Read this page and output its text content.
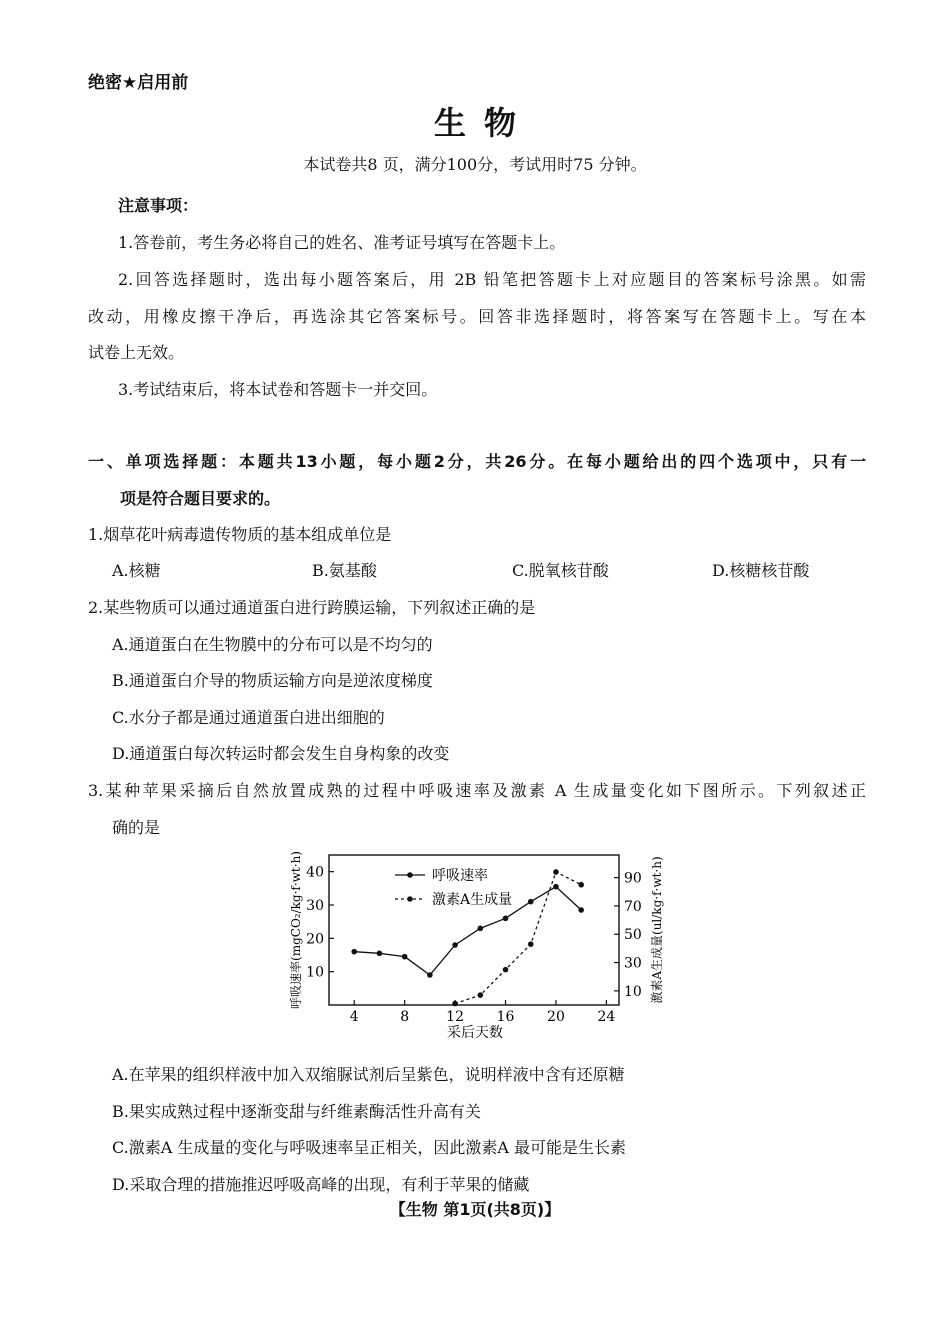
绝密★启用前
生物
本试卷共8 页，满分100分，考试用时75 分钟。
注意事项：
1.答卷前，考生务必将自己的姓名、准考证号填写在答题卡上。
2.回答选择题时，选出每小题答案后，用 2B 铅笔把答题卡上对应题目的答案标号涂黑。如需
改动，用橡皮擦干净后，再选涂其它答案标号。回答非选择题时，将答案写在答题卡上。写在本
试卷上无效。
3.考试结束后，将本试卷和答题卡一并交回。
一、单项选择题：本题共13小题，每小题2分，共26分。在每小题给出的四个选项中，只有一
项是符合题目要求的。
1.烟草花叶病毒遗传物质的基本组成单位是
A.核糖	B.氨基酸	C.脱氧核苷酸	D.核糖核苷酸
2.某些物质可以通过通道蛋白进行跨膜运输，下列叙述正确的是
A.通道蛋白在生物膜中的分布可以是不均匀的
B.通道蛋白介导的物质运输方向是逆浓度梯度
C.水分子都是通过通道蛋白进出细胞的
D.通道蛋白每次转运时都会发生自身构象的改变
3.某种苹果采摘后自然放置成熟的过程中呼吸速率及激素 A 生成量变化如下图所示。下列叙述正
确的是
4	8	12 16 20 24
10
20
30
40
10
30
50
70
90
呼吸速率
激素A生成量
采后天数
呼吸速率(mgCO₂/kg·f·wt·h)	激素A生成量(ul/kg·f·wt·h)
A.在苹果的组织样液中加入双缩脲试剂后呈紫色，说明样液中含有还原糖
B.果实成熟过程中逐渐变甜与纤维素酶活性升高有关
C.激素A 生成量的变化与呼吸速率呈正相关，因此激素A 最可能是生长素
D.采取合理的措施推迟呼吸高峰的出现，有利于苹果的储藏
【生物 第1页(共8页)】
